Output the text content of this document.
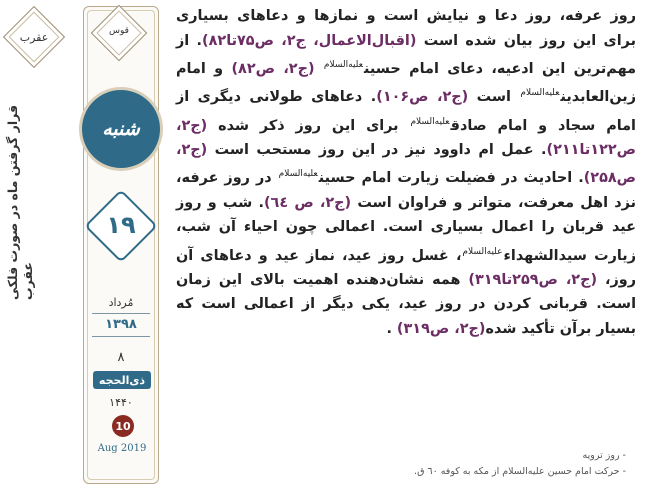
عقرب	قوس
قرار گرفتن ماه در صورت فلکی عقرب
شنبه
۱۹
مُرداد
۱۳۹۸
۸
ذی‌الحجه
۱۴۴۰
10
Aug 2019
روز عرفه، روز دعا و نیایش است و نمازها و دعاهای بسیاری برای این روز بیان شده است (اقبال‌الاعمال، ج۲، ص۷۵تا۸۲). از مهم‌ترین این ادعیه، دعای امام حسین$^{عليه‌السلام}$ (ج۲، ص۸۲) و امام زین‌العابدین$^{عليه‌السلام}$ است (ج۲، ص۱۰۶). دعاهای طولانی دیگری از امام سجاد و امام صادق$^{عليه‌السلام}$ برای این روز ذکر شده (ج۲، ص۱۲۲تا۲۱۱). عمل ام داوود نیز در این روز مستحب است (ج۲، ص۲۵۸). احادیث در فضیلت زیارت امام حسین$^{عليه‌السلام}$ در روز عرفه، نزد اهل معرفت، متواتر و فراوان است (ج۲، ص ٦٤). شب و روز عید قربان را اعمال بسیاری است. اعمالی چون احیاء آن شب، زیارت سیدالشهداء$^{عليه‌السلام}$، غسل روز عید، نماز عید و دعاهای آن روز، (ج۲، ص۲۵۹تا۳۱۹) همه نشان‌دهنده اهمیت بالای این زمان است. قربانی کردن در روز عید، یکی دیگر از اعمالی است که بسیار برآن تأکید شده(ج۲، ص۳۱۹) .
- روز ترویه
- حرکت امام حسین عليه‌السلام از مکه به کوفه ٦۰ ق.
